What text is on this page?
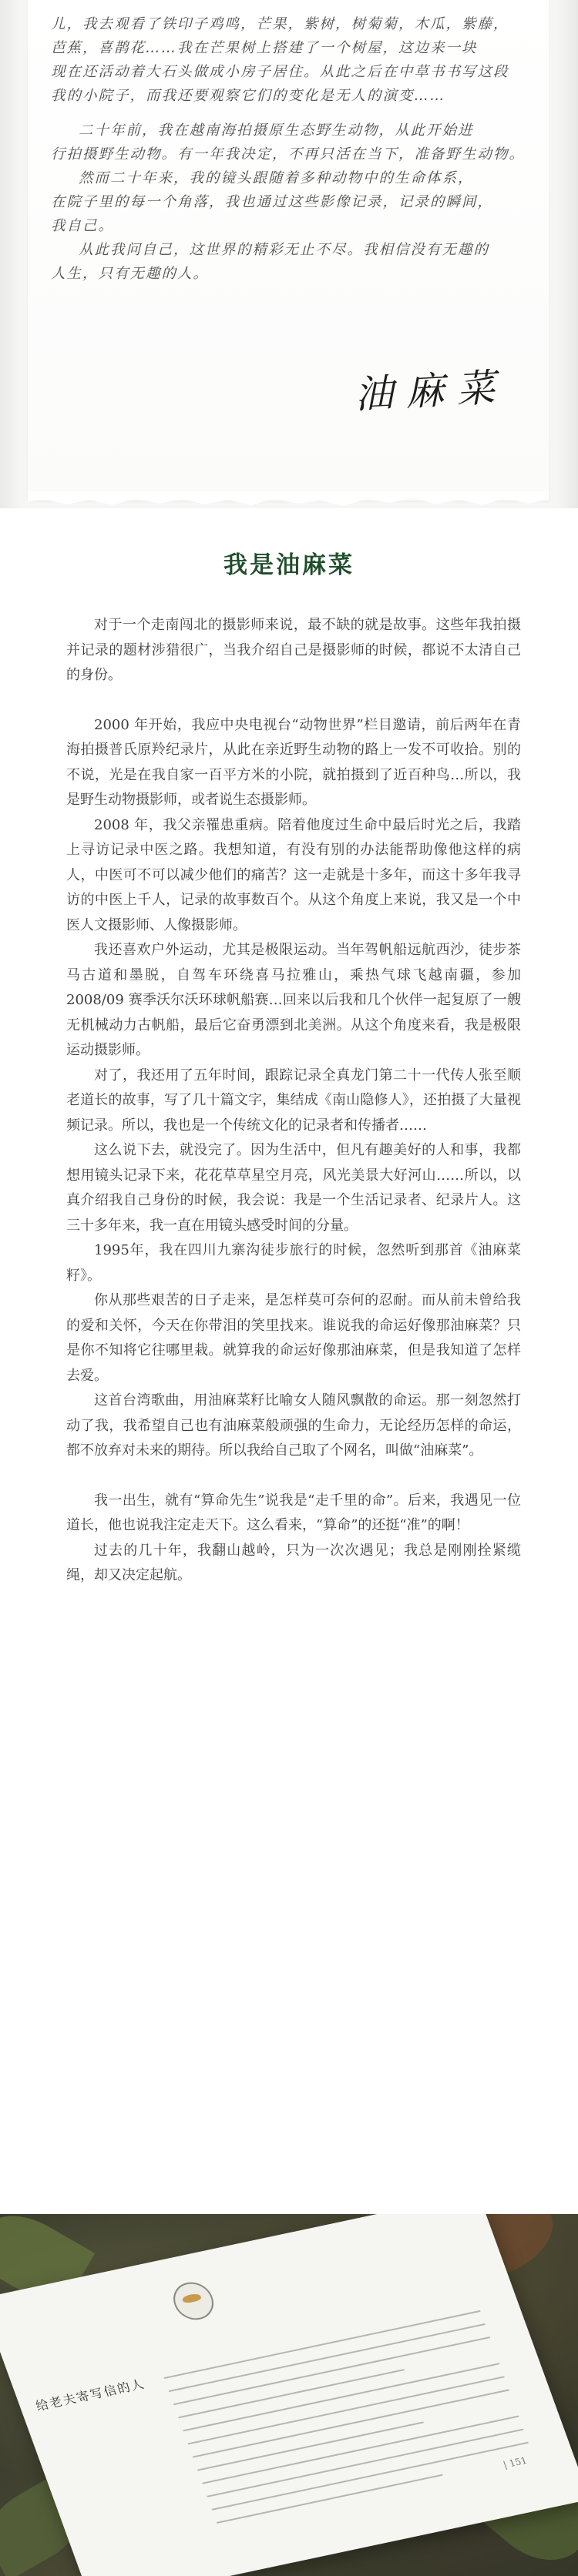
儿，我去观看了铁印子鸡鸣，芒果，紫树，树菊菊，木瓜，紫藤，
芭蕉，喜鹊花……我在芒果树上搭建了一个树屋，这边来一块
现在还活动着大石头做成小房子居住。从此之后在中草书书写这段
我的小院子，而我还要观察它们的变化是无人的演变……
二十年前，我在越南海拍摄原生态野生动物，从此开始进
行拍摄野生动物。有一年我决定，不再只活在当下，准备野生动物。
然而二十年来，我的镜头跟随着多种动物中的生命体系，
在院子里的每一个角落，我也通过这些影像记录，记录的瞬间，
我自己。
从此我问自己，这世界的精彩无止不尽。我相信没有无趣的
人生，只有无趣的人。
油麻菜
我是油麻菜

对于一个走南闯北的摄影师来说，最不缺的就是故事。这些年我拍摄并记录的题材涉猎很广，当我介绍自己是摄影师的时候，都说不太清自己的身份。

2000 年开始，我应中央电视台“动物世界”栏目邀请，前后两年在青海拍摄普氏原羚纪录片，从此在亲近野生动物的路上一发不可收拾。别的不说，光是在我自家一百平方米的小院，就拍摄到了近百种鸟…所以，我是野生动物摄影师，或者说生态摄影师。

2008 年，我父亲罹患重病。陪着他度过生命中最后时光之后，我踏上寻访记录中医之路。我想知道，有没有别的办法能帮助像他这样的病人，中医可不可以减少他们的痛苦？这一走就是十多年，而这十多年我寻访的中医上千人，记录的故事数百个。从这个角度上来说，我又是一个中医人文摄影师、人像摄影师。

我还喜欢户外运动，尤其是极限运动。当年驾帆船远航西沙，徒步茶马古道和墨脱，自驾车环绕喜马拉雅山，乘热气球飞越南疆，参加2008/09 赛季沃尔沃环球帆船赛…回来以后我和几个伙伴一起复原了一艘无机械动力古帆船，最后它奋勇漂到北美洲。从这个角度来看，我是极限运动摄影师。

对了，我还用了五年时间，跟踪记录全真龙门第二十一代传人张至顺老道长的故事，写了几十篇文字，集结成《南山隐修人》，还拍摄了大量视频记录。所以，我也是一个传统文化的记录者和传播者……

这么说下去，就没完了。因为生活中，但凡有趣美好的人和事，我都想用镜头记录下来，花花草草星空月亮，风光美景大好河山……所以，以真介绍我自己身份的时候，我会说：我是一个生活记录者、纪录片人。这三十多年来，我一直在用镜头感受时间的分量。

1995年，我在四川九寨沟徒步旅行的时候，忽然听到那首《油麻菜籽》。

你从那些艰苦的日子走来，是怎样莫可奈何的忍耐。而从前未曾给我的爱和关怀，今天在你带泪的笑里找来。谁说我的命运好像那油麻菜？只是你不知将它往哪里栽。就算我的命运好像那油麻菜，但是我知道了怎样去爱。

这首台湾歌曲，用油麻菜籽比喻女人随风飘散的命运。那一刻忽然打动了我，我希望自己也有油麻菜般顽强的生命力，无论经历怎样的命运，都不放弃对未来的期待。所以我给自己取了个网名，叫做“油麻菜”。

我一出生，就有“算命先生”说我是“走千里的命”。后来，我遇见一位道长，他也说我注定走天下。这么看来，“算命”的还挺“准”的啊！

过去的几十年，我翻山越岭，只为一次次遇见；我总是刚刚拴紧缆绳，却又决定起航。

给老夫寄写信的人
| 151
